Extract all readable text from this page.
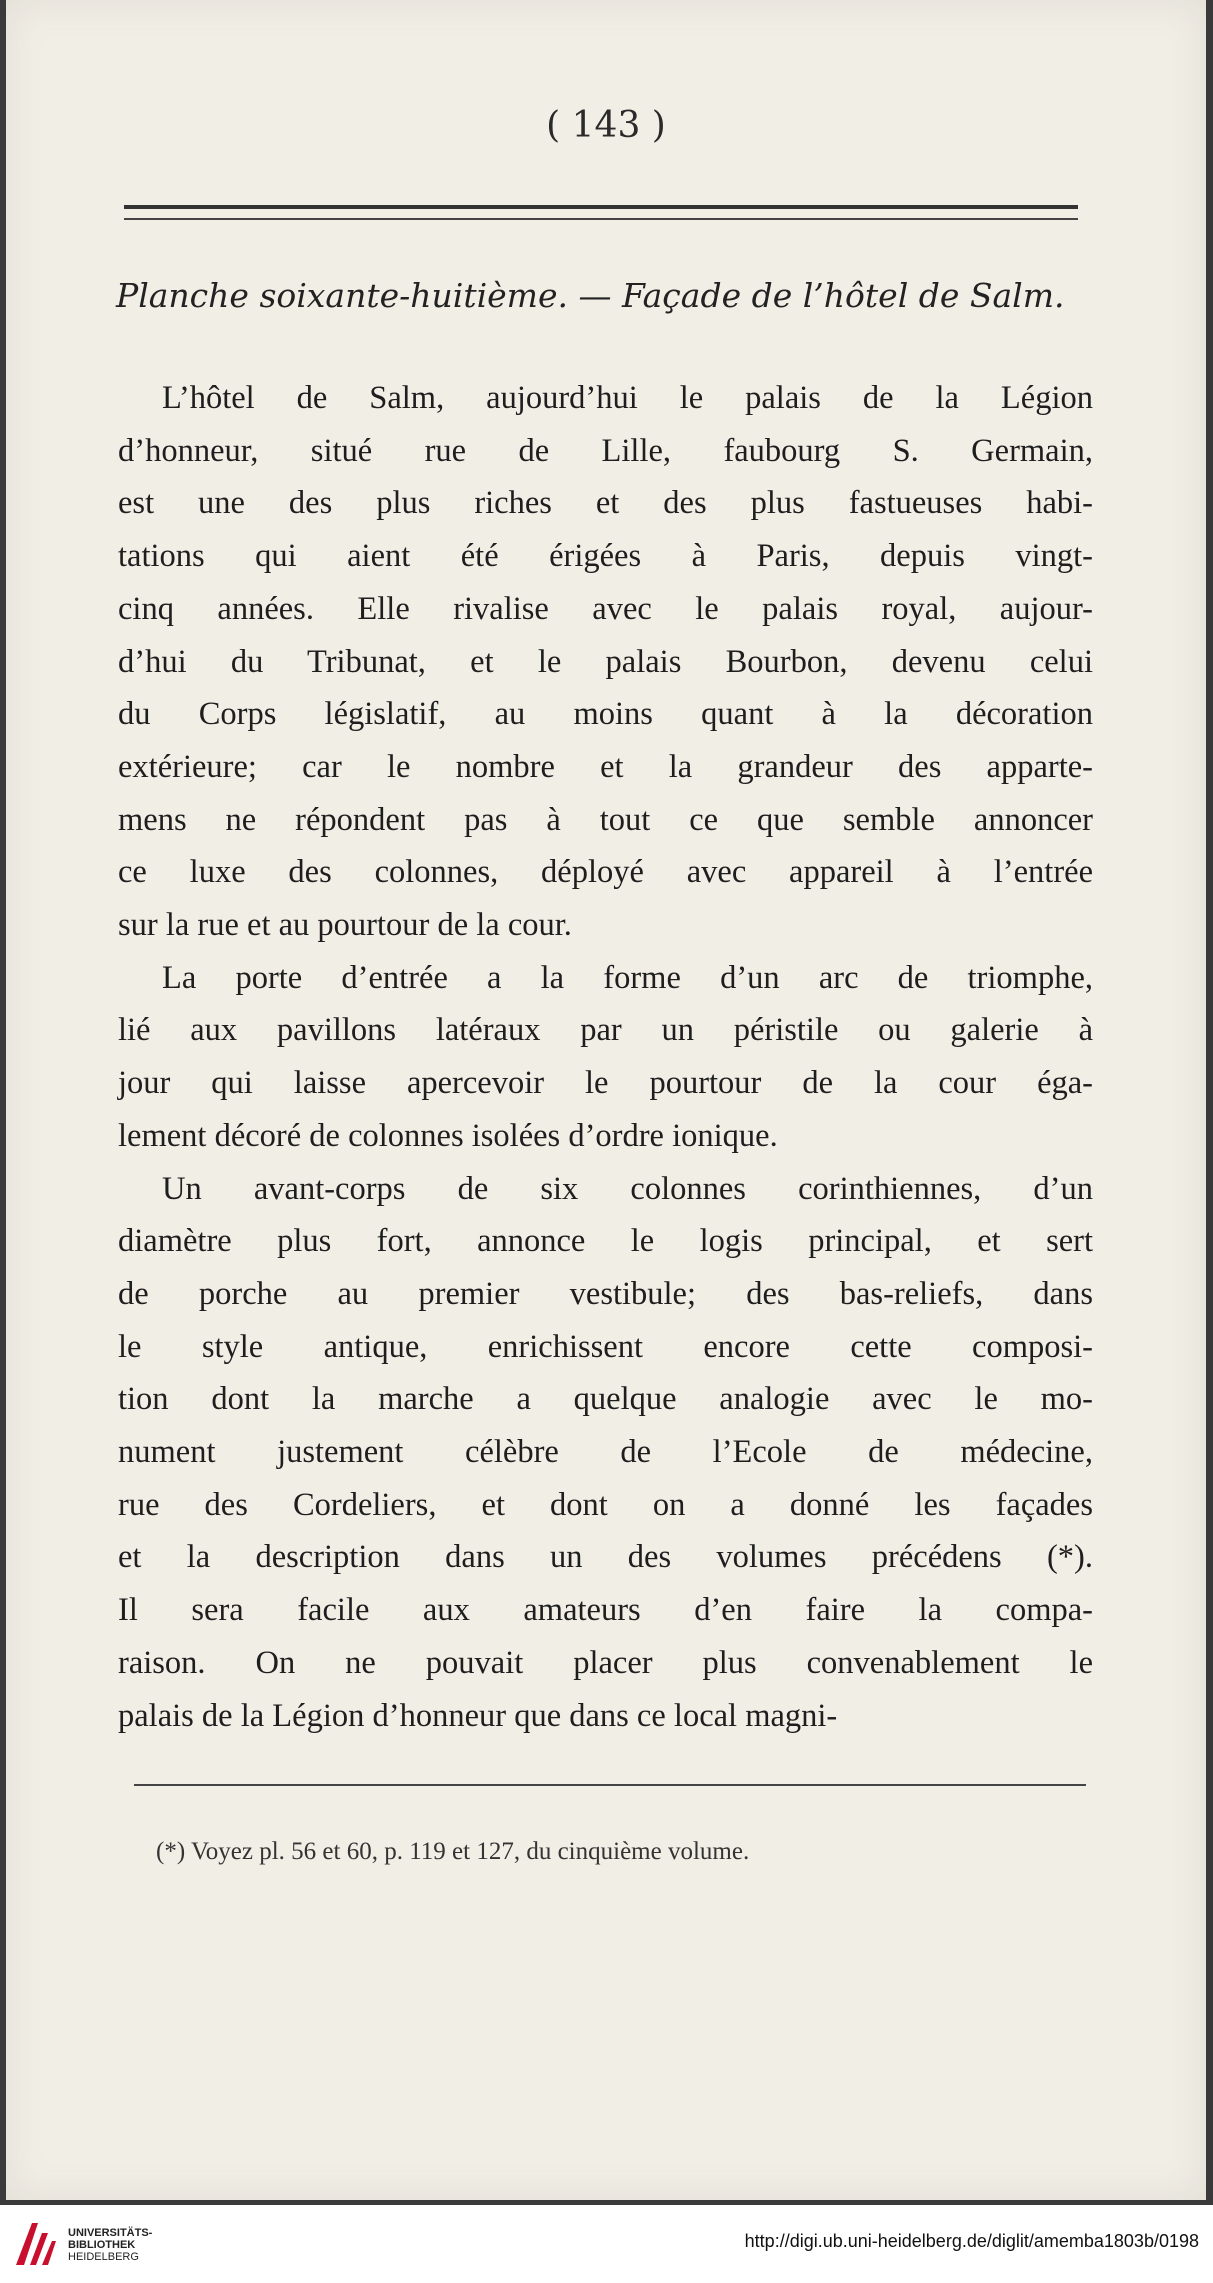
( 143 )
Planche soixante-huitième. — Façade de l’hôtel de Salm.
L’hôtel de Salm, aujourd’hui le palais de la Légion
d’honneur, situé rue de Lille, faubourg S. Germain,
est une des plus riches et des plus fastueuses habi-
tations qui aient été érigées à Paris, depuis vingt-
cinq années. Elle rivalise avec le palais royal, aujour-
d’hui du Tribunat, et le palais Bourbon, devenu celui
du Corps législatif, au moins quant à la décoration
extérieure; car le nombre et la grandeur des apparte-
mens ne répondent pas à tout ce que semble annoncer
ce luxe des colonnes, déployé avec appareil à l’entrée
sur la rue et au pourtour de la cour.
La porte d’entrée a la forme d’un arc de triomphe,
lié aux pavillons latéraux par un péristile ou galerie à
jour qui laisse apercevoir le pourtour de la cour éga-
lement décoré de colonnes isolées d’ordre ionique.
Un avant-corps de six colonnes corinthiennes, d’un
diamètre plus fort, annonce le logis principal, et sert
de porche au premier vestibule; des bas-reliefs, dans
le style antique, enrichissent encore cette composi-
tion dont la marche a quelque analogie avec le mo-
nument justement célèbre de l’Ecole de médecine,
rue des Cordeliers, et dont on a donné les façades
et la description dans un des volumes précédens (*).
Il sera facile aux amateurs d’en faire la compa-
raison. On ne pouvait placer plus convenablement le
palais de la Légion d’honneur que dans ce local magni-
(*) Voyez pl. 56 et 60, p. 119 et 127, du cinquième volume.
UNIVERSITÄTS-
BIBLIOTHEK
HEIDELBERG
http://digi.ub.uni-heidelberg.de/diglit/amemba1803b/0198
